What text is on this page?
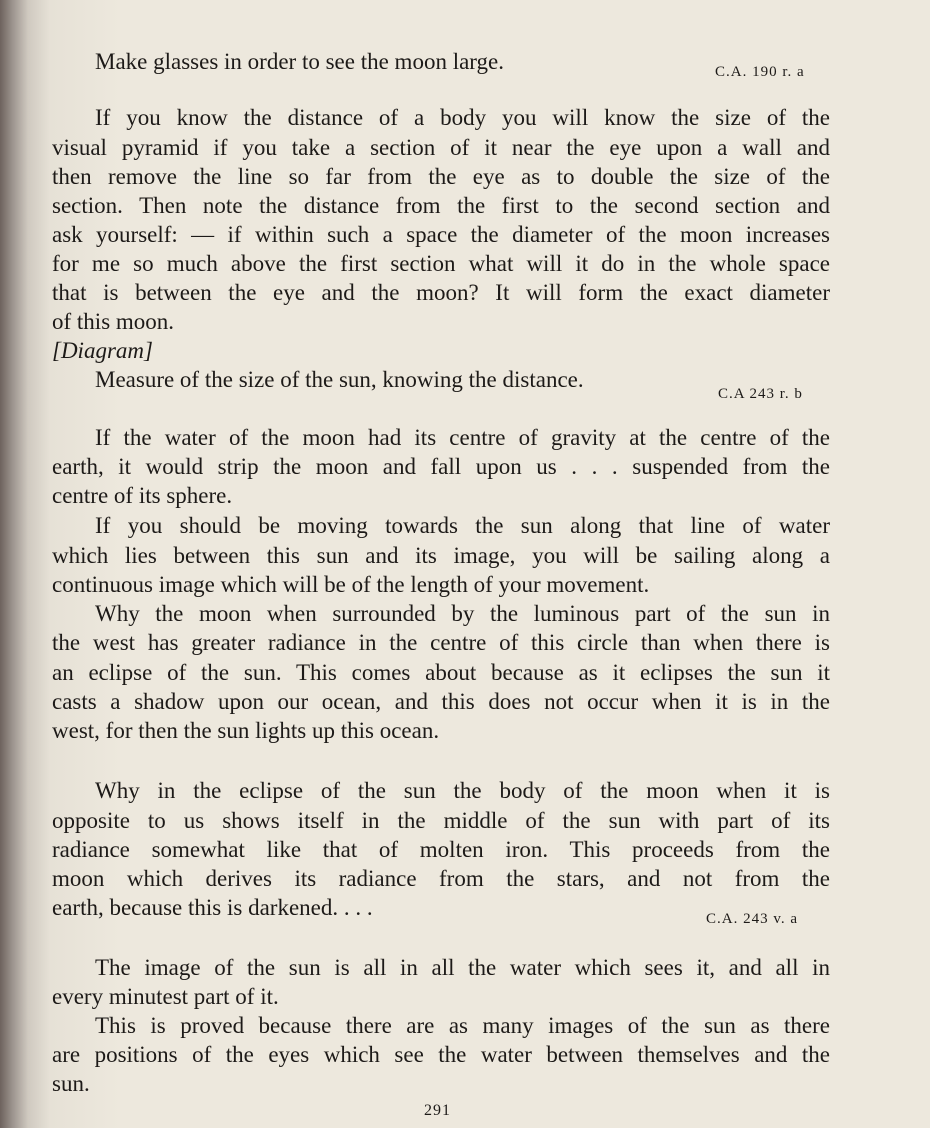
Make glasses in order to see the moon large.	C.A. 190 r. a
If you know the distance of a body you will know the size of the
visual pyramid if you take a section of it near the eye upon a wall and
then remove the line so far from the eye as to double the size of the
section. Then note the distance from the first to the second section and
ask yourself: — if within such a space the diameter of the moon increases
for me so much above the first section what will it do in the whole space
that is between the eye and the moon? It will form the exact diameter
of this moon.
[Diagram]
Measure of the size of the sun, knowing the distance.
C.A 243 r. b
If the water of the moon had its centre of gravity at the centre of the
earth, it would strip the moon and fall upon us . . . suspended from the
centre of its sphere.
If you should be moving towards the sun along that line of water
which lies between this sun and its image, you will be sailing along a
continuous image which will be of the length of your movement.
Why the moon when surrounded by the luminous part of the sun in
the west has greater radiance in the centre of this circle than when there is
an eclipse of the sun. This comes about because as it eclipses the sun it
casts a shadow upon our ocean, and this does not occur when it is in the
west, for then the sun lights up this ocean.
Why in the eclipse of the sun the body of the moon when it is
opposite to us shows itself in the middle of the sun with part of its
radiance somewhat like that of molten iron. This proceeds from the
moon which derives its radiance from the stars, and not from the
earth, because this is darkened. . . .	C.A. 243 v. a
The image of the sun is all in all the water which sees it, and all in
every minutest part of it.
This is proved because there are as many images of the sun as there
are positions of the eyes which see the water between themselves and the
sun.
291
